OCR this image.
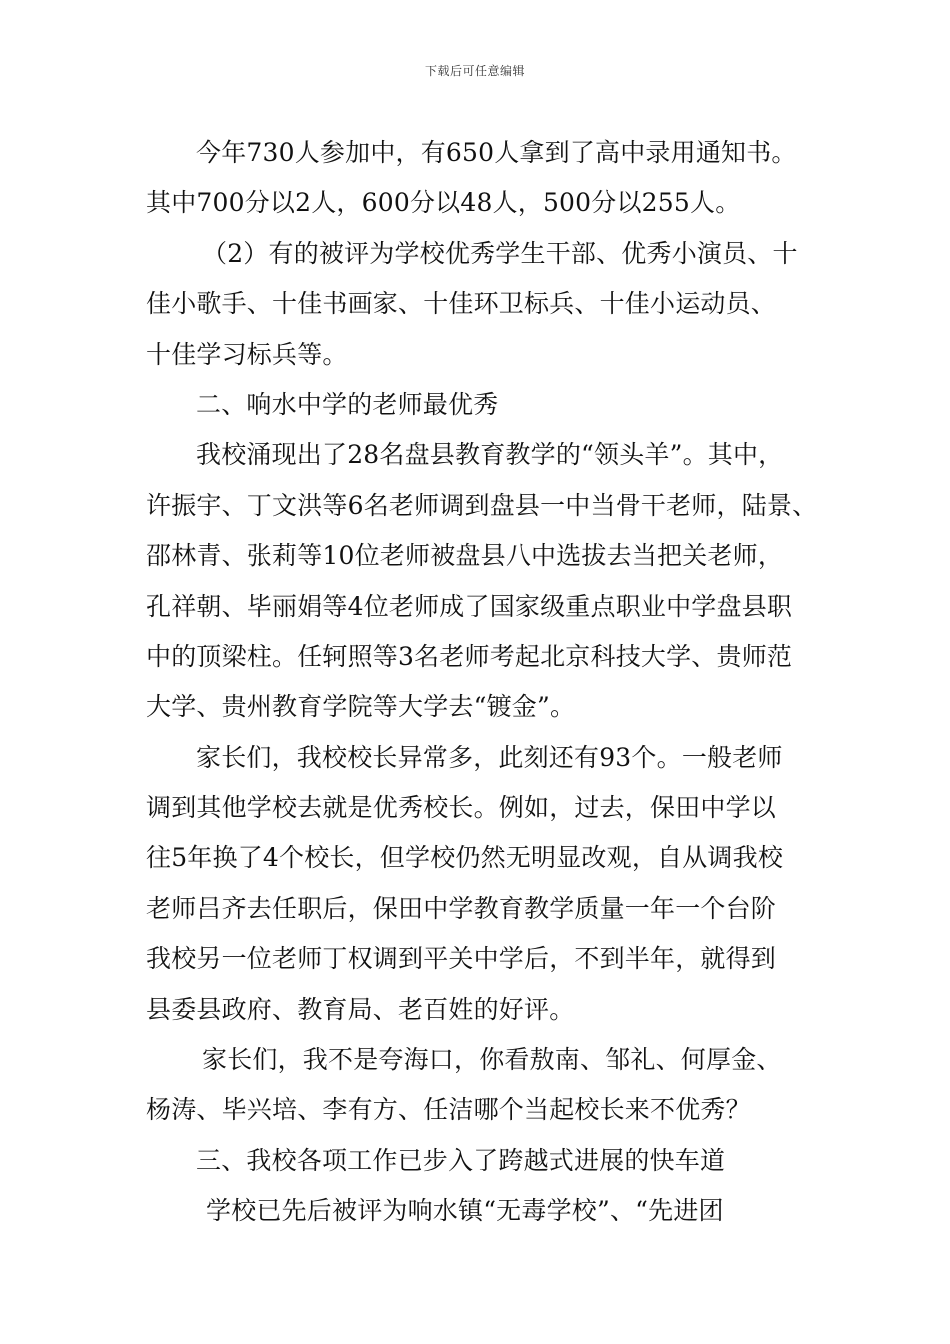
下载后可任意编辑
今年730人参加中，有650人拿到了高中录用通知书。
其中700分以2人，600分以48人，500分以255人。
（2）有的被评为学校优秀学生干部、优秀小演员、十
佳小歌手、十佳书画家、十佳环卫标兵、十佳小运动员、
十佳学习标兵等。
二、响水中学的老师最优秀
我校涌现出了28名盘县教育教学的“领头羊”。其中，
许振宇、丁文洪等6名老师调到盘县一中当骨干老师，陆景、
邵林青、张莉等10位老师被盘县八中选拔去当把关老师，
孔祥朝、毕丽娟等4位老师成了国家级重点职业中学盘县职
中的顶梁柱。任轲照等3名老师考起北京科技大学、贵师范
大学、贵州教育学院等大学去“镀金”。
家长们，我校校长异常多，此刻还有93个。一般老师
调到其他学校去就是优秀校长。例如，过去，保田中学以
往5年换了4个校长，但学校仍然无明显改观，自从调我校
老师吕齐去任职后，保田中学教育教学质量一年一个台阶
我校另一位老师丁权调到平关中学后，不到半年，就得到
县委县政府、教育局、老百姓的好评。
家长们，我不是夸海口，你看敖南、邹礼、何厚金、
杨涛、毕兴培、李有方、任洁哪个当起校长来不优秀？
三、我校各项工作已步入了跨越式进展的快车道
学校已先后被评为响水镇“无毒学校”、“先进团
